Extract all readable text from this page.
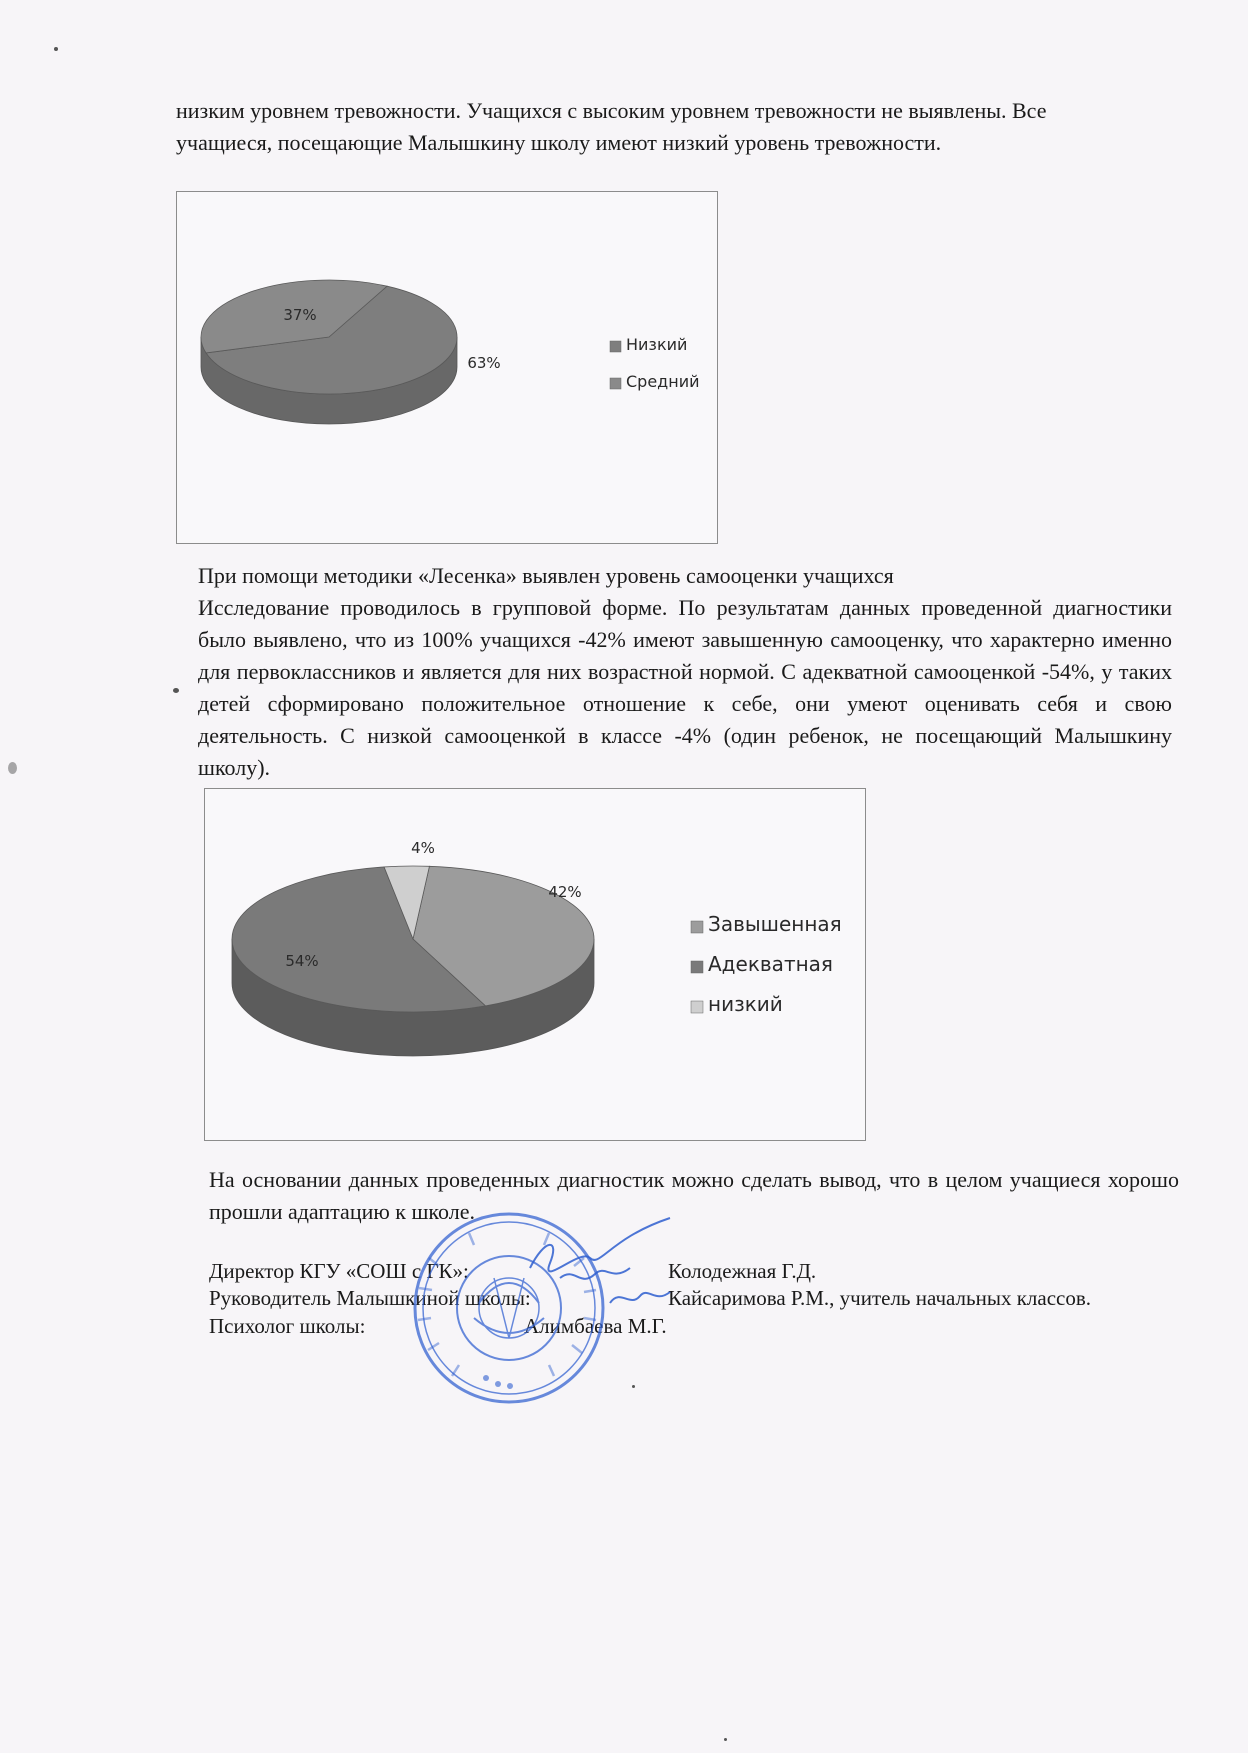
низким уровнем тревожности. Учащихся с высоким уровнем тревожности не выявлены. Все

учащиеся, посещающие Малышкину школу имеют низкий уровень тревожности.

63%
37%
Низкий
Средний

При помощи методики «Лесенка» выявлен уровень самооценки учащихся

Исследование проводилось в групповой форме. По результатам данных проведенной диагностики было выявлено, что из 100% учащихся -42% имеют завышенную самооценку, что характерно именно для первоклассников и является для них возрастной нормой. С адекватной самооценкой -54%, у таких детей сформировано положительное отношение к себе, они умеют оценивать себя и свою деятельность. С низкой самооценкой в классе -4% (один ребенок, не посещающий Малышкину школу).

42%
54%
4%
Завышенная
Адекватная
низкий

На основании данных проведенных диагностик можно сделать вывод, что в целом учащиеся хорошо прошли адаптацию к школе.

Директор КГУ «СОШ с ГК»:	Колодежная Г.Д.

Руководитель Малышкиной школы:	Кайсаримова Р.М., учитель начальных классов.

Психолог школы:	Алимбаева М.Г.
